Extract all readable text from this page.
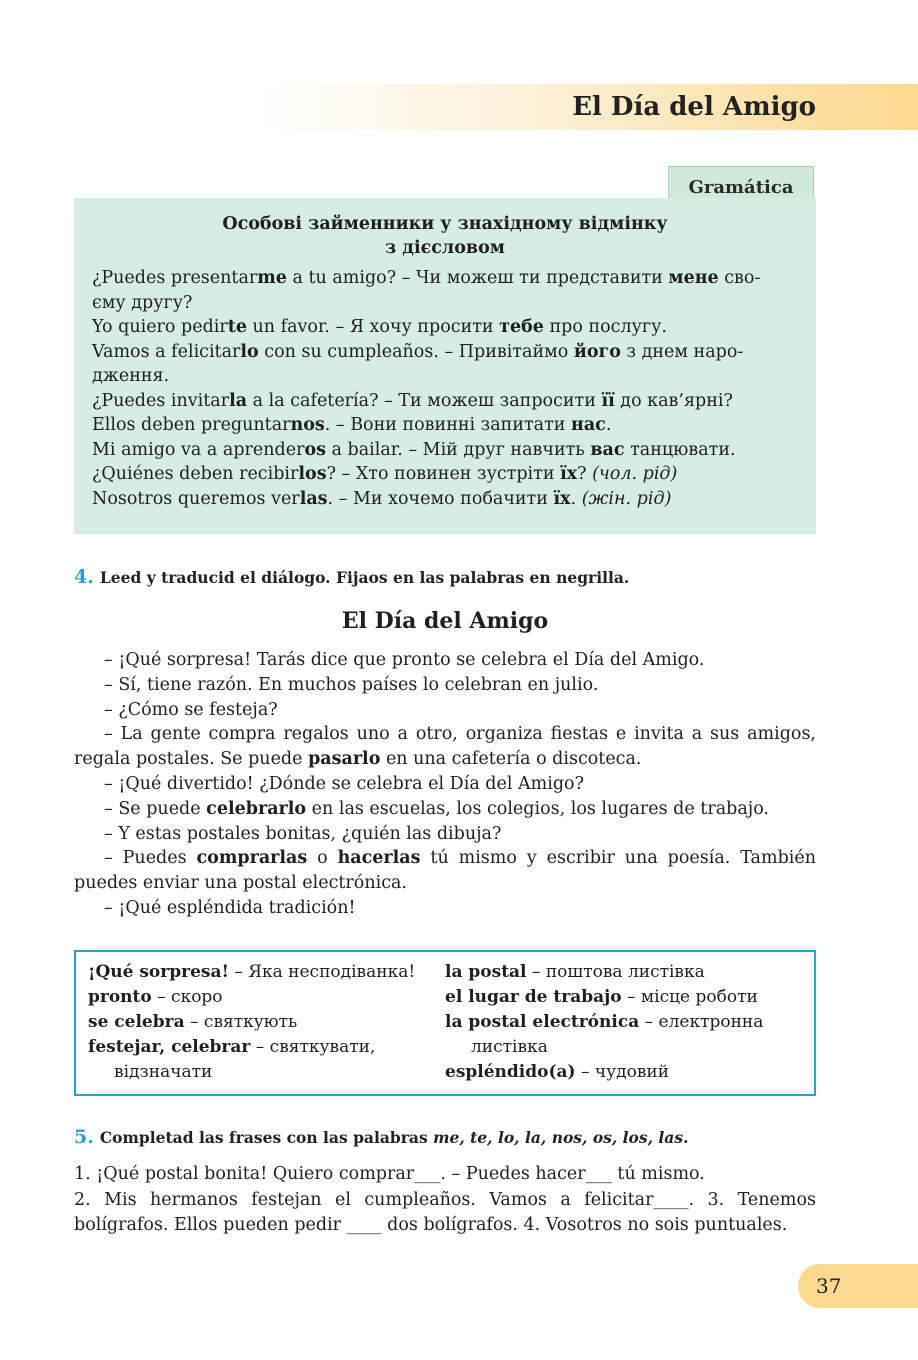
El Día del Amigo
Gramática
Особові займенники у знахідному відмінку
з дієсловом
¿Puedes presentarme a tu amigo? – Чи можеш ти представити мене сво-
єму другу?
Yo quiero pedirte un favor. – Я хочу просити тебе про послугу.
Vamos a felicitarlo con su cumpleaños. – Привітаймо його з днем наро-
дження.
¿Puedes invitarla a la cafetería? – Ти можеш запросити її до кав’ярні?
Ellos deben preguntarnos. – Вони повинні запитати нас.
Mi amigo va a aprenderos a bailar. – Мій друг навчить вас танцювати.
¿Quiénes deben recibirlos? – Хто повинен зустріти їх? (чол. рід)
Nosotros queremos verlas. – Ми хочемо побачити їх. (жін. рід)
4. Leed y traducid el diálogo. Fijaos en las palabras en negrilla.
El Día del Amigo
– ¡Qué sorpresa! Tarás dice que pronto se celebra el Día del Amigo.
– Sí, tiene razón. En muchos países lo celebran en julio.
– ¿Cómo se festeja?
– La gente compra regalos uno a otro, organiza fiestas e invita a sus amigos, regala postales. Se puede pasarlo en una cafetería o discoteca.
– ¡Qué divertido! ¿Dónde se celebra el Día del Amigo?
– Se puede celebrarlo en las escuelas, los colegios, los lugares de trabajo.
– Y estas postales bonitas, ¿quién las dibuja?
– Puedes comprarlas o hacerlas tú mismo y escribir una poesía. También puedes enviar una postal electrónica.
– ¡Qué espléndida tradición!
¡Qué sorpresa! – Яка несподіванка!
pronto – скоро
se celebra – святкують
festejar, celebrar – святкувати, відзначати
la postal – поштова листівка
el lugar de trabajo – місце роботи
la postal electrónica – електронна листівка
espléndido(a) – чудовий
5. Completad las frases con las palabras me, te, lo, la, nos, os, los, las.
1. ¡Qué postal bonita! Quiero comprar___. – Puedes hacer___ tú mismo.
2. Mis hermanos festejan el cumpleaños. Vamos a felicitar____. 3. Tenemos bolígrafos. Ellos pueden pedir ____ dos bolígrafos. 4. Vosotros no sois puntuales.
37
